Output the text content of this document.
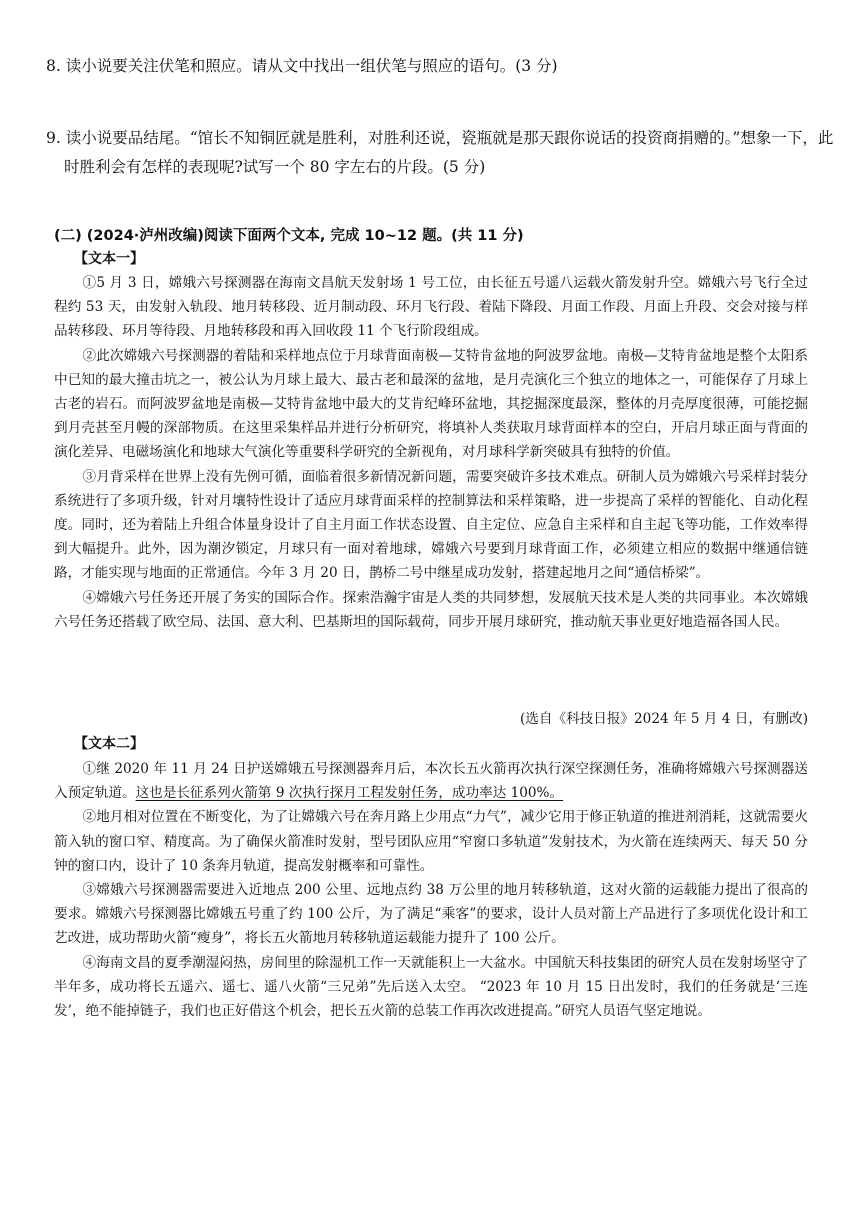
8. 读小说要关注伏笔和照应。请从文中找出一组伏笔与照应的语句。(3 分)
9. 读小说要品结尾。“馆长不知铜匠就是胜利，对胜利还说，瓷瓶就是那天跟你说话的投资商捐赠的。”想象一下，此时胜利会有怎样的表现呢?试写一个 80 字左右的片段。(5 分)
(二) (2024·泸州改编)阅读下面两个文本, 完成 10~12 题。(共 11 分)
【文本一】

①5 月 3 日，嫦娥六号探测器在海南文昌航天发射场 1 号工位，由长征五号遥八运载火箭发射升空。嫦娥六号飞行全过程约 53 天，由发射入轨段、地月转移段、近月制动段、环月飞行段、着陆下降段、月面工作段、月面上升段、交会对接与样品转移段、环月等待段、月地转移段和再入回收段 11 个飞行阶段组成。

②此次嫦娥六号探测器的着陆和采样地点位于月球背面南极—艾特肯盆地的阿波罗盆地。南极—艾特肯盆地是整个太阳系中已知的最大撞击坑之一，被公认为月球上最大、最古老和最深的盆地，是月壳演化三个独立的地体之一，可能保存了月球上古老的岩石。而阿波罗盆地是南极—艾特肯盆地中最大的艾肯纪峰环盆地，其挖掘深度最深，整体的月壳厚度很薄，可能挖掘到月壳甚至月幔的深部物质。在这里采集样品并进行分析研究，将填补人类获取月球背面样本的空白，开启月球正面与背面的演化差异、电磁场演化和地球大气演化等重要科学研究的全新视角，对月球科学新突破具有独特的价值。

③月背采样在世界上没有先例可循，面临着很多新情况新问题，需要突破许多技术难点。研制人员为嫦娥六号采样封装分系统进行了多项升级，针对月壤特性设计了适应月球背面采样的控制算法和采样策略，进一步提高了采样的智能化、自动化程度。同时，还为着陆上升组合体量身设计了自主月面工作状态设置、自主定位、应急自主采样和自主起飞等功能，工作效率得到大幅提升。此外，因为潮汐锁定，月球只有一面对着地球，嫦娥六号要到月球背面工作，必须建立相应的数据中继通信链路，才能实现与地面的正常通信。今年 3 月 20 日，鹊桥二号中继星成功发射，搭建起地月之间“通信桥梁”。

④嫦娥六号任务还开展了务实的国际合作。探索浩瀚宇宙是人类的共同梦想，发展航天技术是人类的共同事业。本次嫦娥六号任务还搭载了欧空局、法国、意大利、巴基斯坦的国际载荷，同步开展月球研究，推动航天事业更好地造福各国人民。

(选自《科技日报》2024 年 5 月 4 日，有删改)
【文本二】

①继 2020 年 11 月 24 日护送嫦娥五号探测器奔月后，本次长五火箭再次执行深空探测任务，准确将嫦娥六号探测器送入预定轨道。这也是长征系列火箭第 9 次执行探月工程发射任务，成功率达 100%。

②地月相对位置在不断变化，为了让嫦娥六号在奔月路上少用点“力气”，减少它用于修正轨道的推进剂消耗，这就需要火箭入轨的窗口窄、精度高。为了确保火箭准时发射，型号团队应用“窄窗口多轨道”发射技术，为火箭在连续两天、每天 50 分钟的窗口内，设计了 10 条奔月轨道，提高发射概率和可靠性。

③嫦娥六号探测器需要进入近地点 200 公里、远地点约 38 万公里的地月转移轨道，这对火箭的运载能力提出了很高的要求。嫦娥六号探测器比嫦娥五号重了约 100 公斤，为了满足“乘客”的要求，设计人员对箭上产品进行了多项优化设计和工艺改进，成功帮助火箭“瘦身”，将长五火箭地月转移轨道运载能力提升了 100 公斤。

④海南文昌的夏季潮湿闷热，房间里的除湿机工作一天就能积上一大盆水。中国航天科技集团的研究人员在发射场坚守了半年多，成功将长五遥六、遥七、遥八火箭“三兄弟”先后送入太空。 “2023 年 10 月 15 日出发时，我们的任务就是‘三连发’，绝不能掉链子，我们也正好借这个机会，把长五火箭的总装工作再次改进提高。”研究人员语气坚定地说。
